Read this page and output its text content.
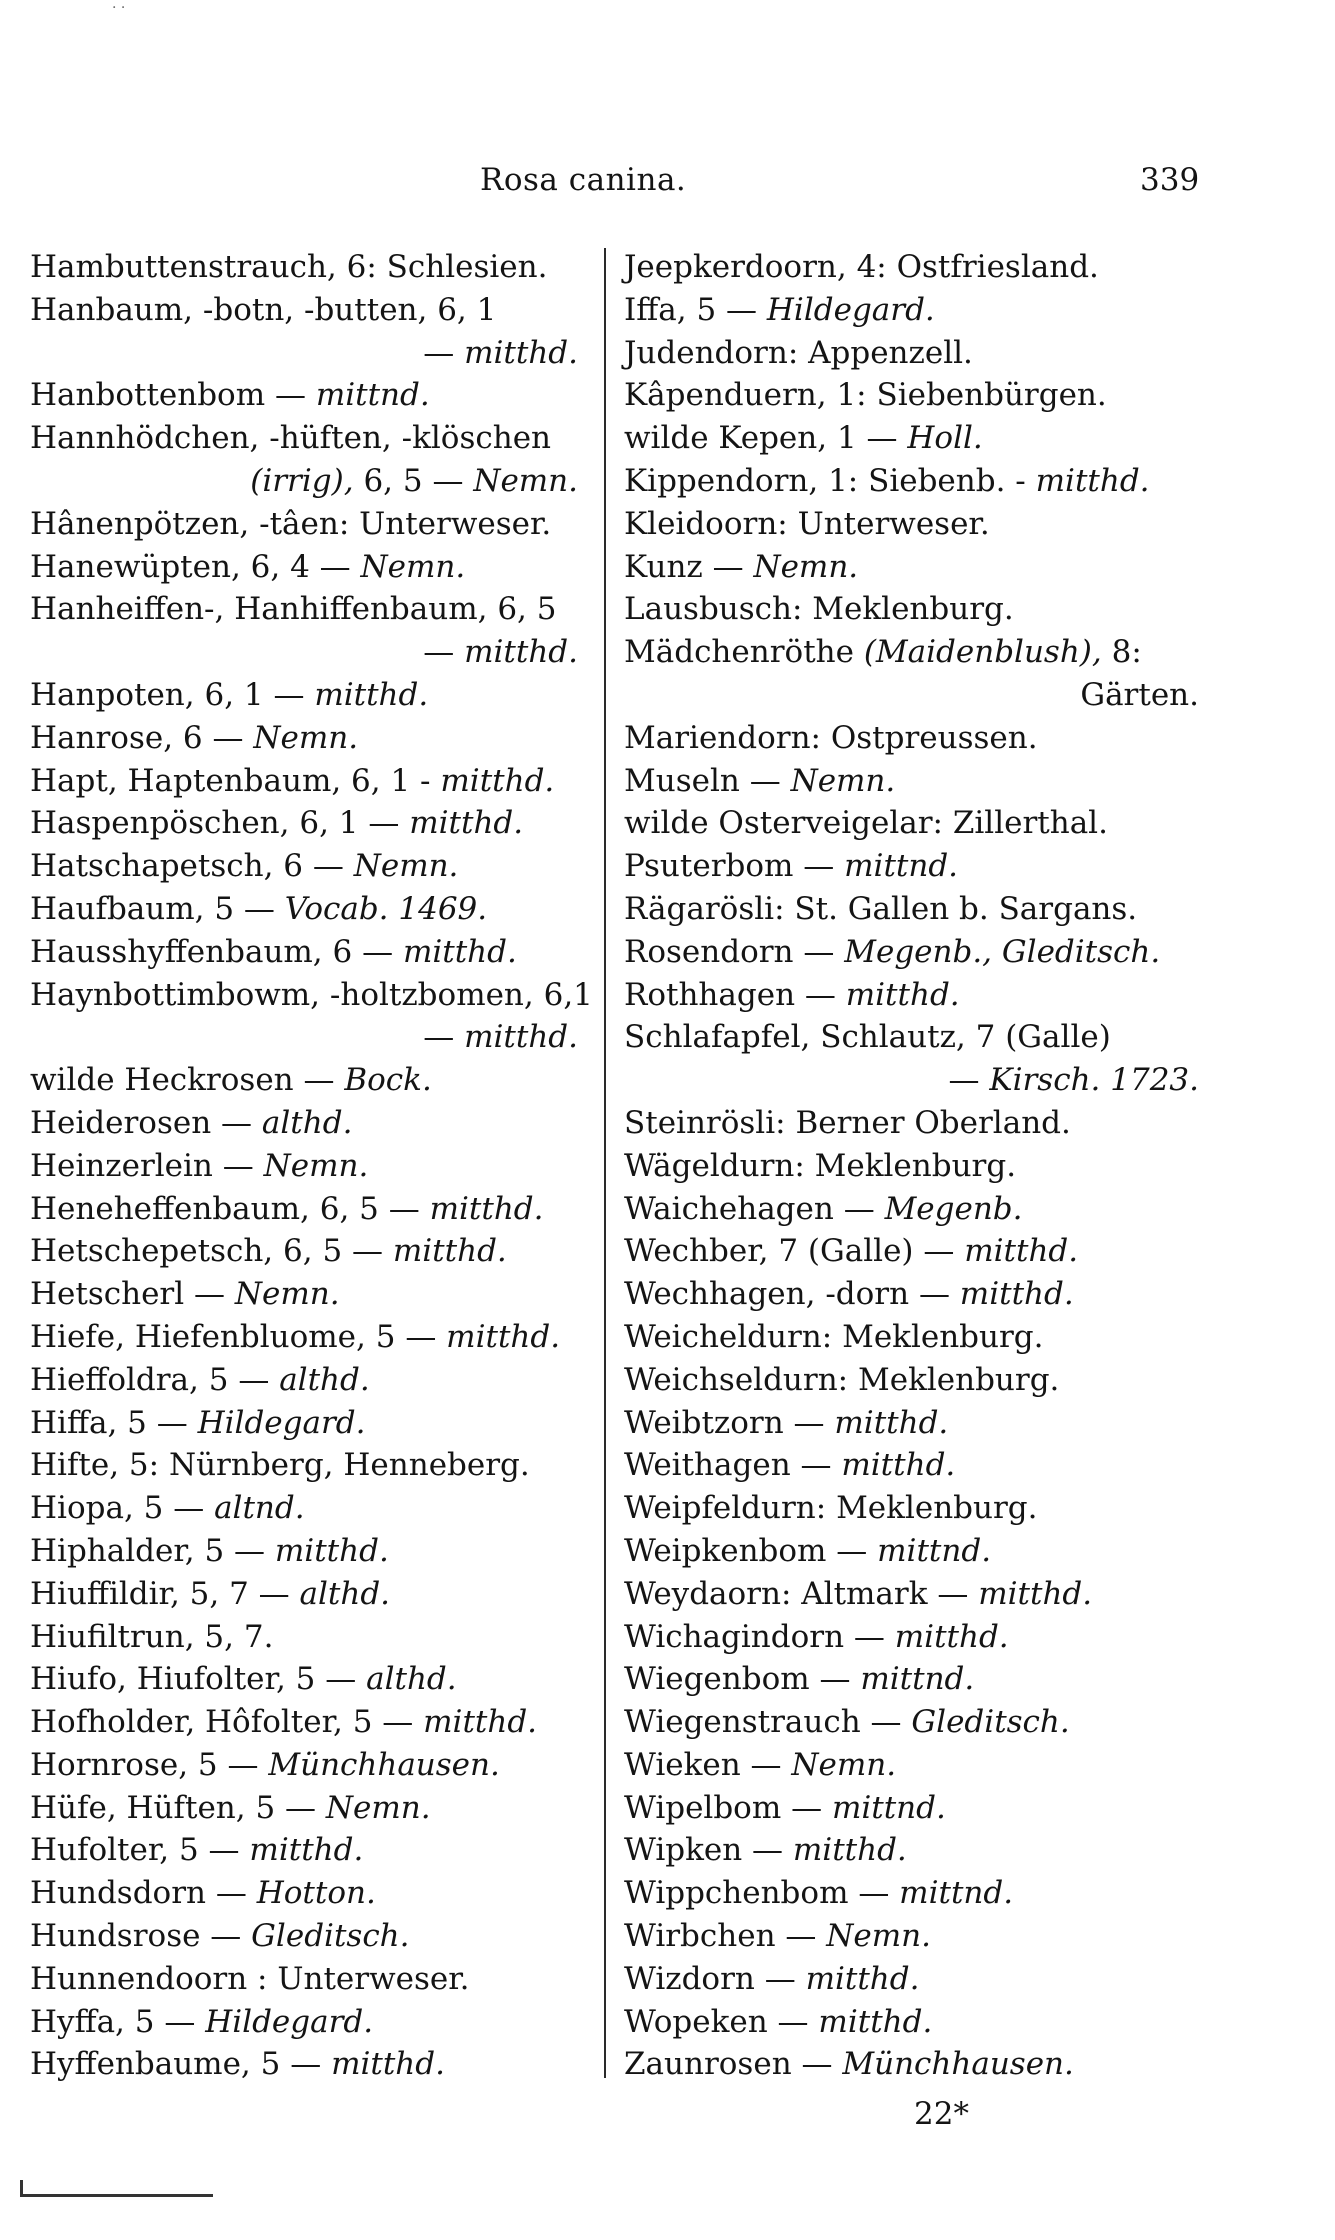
· ·
Rosa canina.	339
Hambuttenstrauch, 6: Schlesien.
Hanbaum, -botn, -butten, 6, 1
— mitthd.
Hanbottenbom — mittnd.
Hannhödchen, -hüften, -klöschen
(irrig), 6, 5 — Nemn.
Hânenpötzen, -tâen: Unterweser.
Hanewüpten, 6, 4 — Nemn.
Hanheiffen-, Hanhiffenbaum, 6, 5
— mitthd.
Hanpoten, 6, 1 — mitthd.
Hanrose, 6 — Nemn.
Hapt, Haptenbaum, 6, 1 - mitthd.
Haspenpöschen, 6, 1 — mitthd.
Hatschapetsch, 6 — Nemn.
Haufbaum, 5 — Vocab. 1469.
Hausshyffenbaum, 6 — mitthd.
Haynbottimbowm, -holtzbomen, 6,1
— mitthd.
wilde Heckrosen — Bock.
Heiderosen — althd.
Heinzerlein — Nemn.
Heneheffenbaum, 6, 5 — mitthd.
Hetschepetsch, 6, 5 — mitthd.
Hetscherl — Nemn.
Hiefe, Hiefenbluome, 5 — mitthd.
Hieffoldra, 5 — althd.
Hiffa, 5 — Hildegard.
Hifte, 5: Nürnberg, Henneberg.
Hiopa, 5 — altnd.
Hiphalder, 5 — mitthd.
Hiuffildir, 5, 7 — althd.
Hiufiltrun, 5, 7.
Hiufo, Hiufolter, 5 — althd.
Hofholder, Hôfolter, 5 — mitthd.
Hornrose, 5 — Münchhausen.
Hüfe, Hüften, 5 — Nemn.
Hufolter, 5 — mitthd.
Hundsdorn — Hotton.
Hundsrose — Gleditsch.
Hunnendoorn : Unterweser.
Hyffa, 5 — Hildegard.
Hyffenbaume, 5 — mitthd.
Jeepkerdoorn, 4: Ostfriesland.
Iffa, 5 — Hildegard.
Judendorn: Appenzell.
Kâpenduern, 1: Siebenbürgen.
wilde Kepen, 1 — Holl.
Kippendorn, 1: Siebenb. - mitthd.
Kleidoorn: Unterweser.
Kunz — Nemn.
Lausbusch: Meklenburg.
Mädchenröthe (Maidenblush), 8:
Gärten.
Mariendorn: Ostpreussen.
Museln — Nemn.
wilde Osterveigelar: Zillerthal.
Psuterbom — mittnd.
Rägarösli: St. Gallen b. Sargans.
Rosendorn — Megenb., Gleditsch.
Rothhagen — mitthd.
Schlafapfel, Schlautz, 7 (Galle)
— Kirsch. 1723.
Steinrösli: Berner Oberland.
Wägeldurn: Meklenburg.
Waichehagen — Megenb.
Wechber, 7 (Galle) — mitthd.
Wechhagen, -dorn — mitthd.
Weicheldurn: Meklenburg.
Weichseldurn: Meklenburg.
Weibtzorn — mitthd.
Weithagen — mitthd.
Weipfeldurn: Meklenburg.
Weipkenbom — mittnd.
Weydaorn: Altmark — mitthd.
Wichagindorn — mitthd.
Wiegenbom — mittnd.
Wiegenstrauch — Gleditsch.
Wieken — Nemn.
Wipelbom — mittnd.
Wipken — mitthd.
Wippchenbom — mittnd.
Wirbchen — Nemn.
Wizdorn — mitthd.
Wopeken — mitthd.
Zaunrosen — Münchhausen.
22*
